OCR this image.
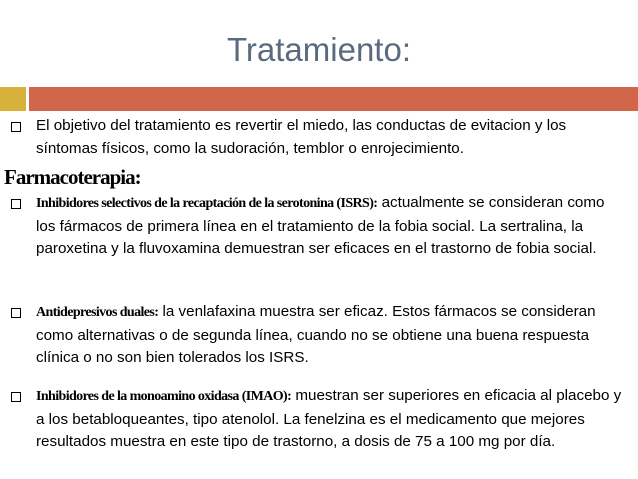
Tratamiento:
El objetivo del tratamiento es revertir el miedo, las conductas de evitacion y los síntomas físicos, como la sudoración, temblor o enrojecimiento.
Farmacoterapia:
Inhibidores selectivos de la recaptación de la serotonina (ISRS): actualmente se consideran como los fármacos de primera línea en el tratamiento de la fobia social. La sertralina, la paroxetina y la fluvoxamina demuestran ser eficaces en el trastorno de fobia social.
Antidepresivos duales: la venlafaxina muestra ser eficaz. Estos fármacos se consideran como alternativas o de segunda línea, cuando no se obtiene una buena respuesta clínica o no son bien tolerados los ISRS.
Inhibidores de la monoamino oxidasa (IMAO): muestran ser superiores en eficacia al placebo y a los betabloqueantes, tipo atenolol. La fenelzina es el medicamento que mejores resultados muestra en este tipo de trastorno, a dosis de 75 a 100 mg por día.
